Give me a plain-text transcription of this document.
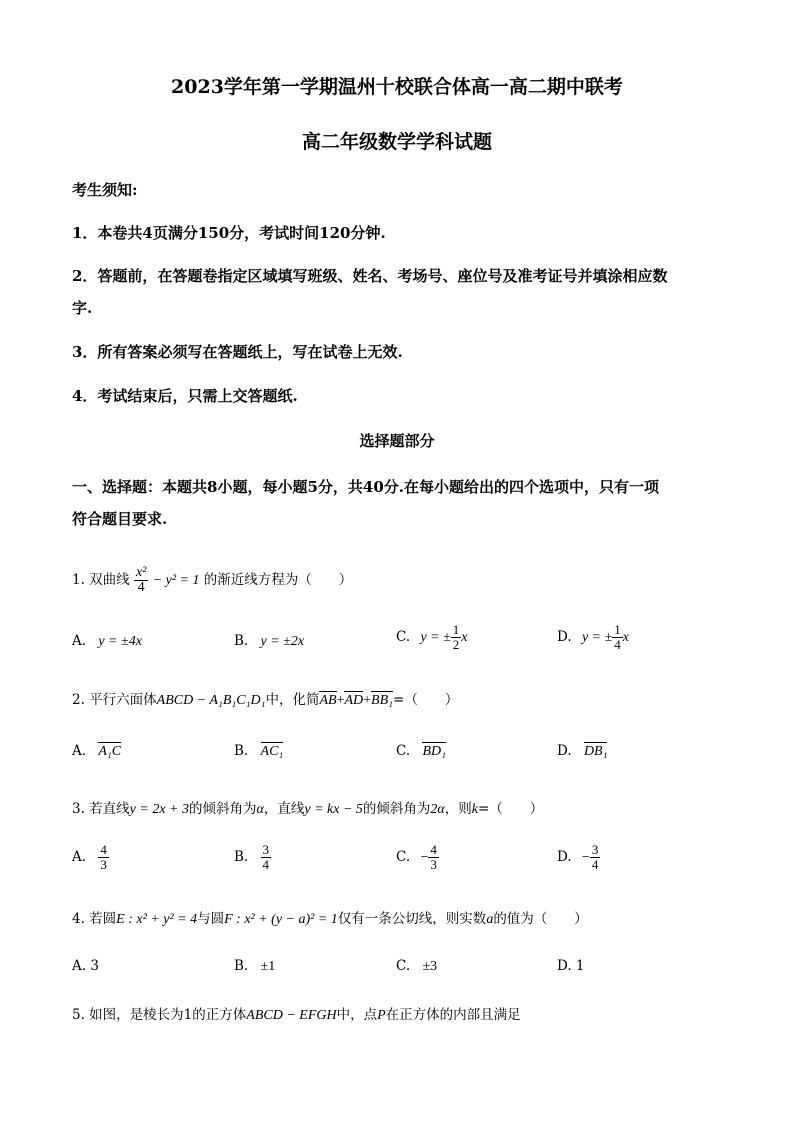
2023学年第一学期温州十校联合体高一高二期中联考
高二年级数学学科试题
考生须知:
1．本卷共4页满分150分，考试时间120分钟.
2．答题前，在答题卷指定区域填写班级、姓名、考场号、座位号及准考证号并填涂相应数
字.
3．所有答案必须写在答题纸上，写在试卷上无效.
4．考试结束后，只需上交答题纸.
选择题部分
一、选择题：本题共8小题，每小题5分，共40分.在每小题给出的四个选项中，只有一项
符合题目要求.
1. 双曲线 $\frac{\text{x²}}{4} - y^2 = 1$ 的渐近线方程为（　　）
A. y = ±4x	B. y = ±2x	C. y = ± $\frac{1}{2}$ x	D. y = ± $\frac{1}{4}$ x
2. 平行六面体ABCD − A₁B₁C₁D₁中，化简AB+AD+BB₁=（　　）
A. A₁C	B. AC₁	C. BD₁	D. DB₁
3. 若直线y = 2x + 3的倾斜角为α，直线y = kx − 5的倾斜角为2α，则k=（　　）
A. $\frac{4}{3}$	B. $\frac{3}{4}$	C. − $\frac{4}{3}$	D. − $\frac{3}{4}$
4. 若圆E : x² + y² = 4与圆F : x² + (y − a)² = 1仅有一条公切线，则实数a的值为（　　）
A. 3	B. ±1	C. ±3	D. 1
5. 如图，是棱长为1的正方体ABCD − EFGH中，点P在正方体的内部且满足
